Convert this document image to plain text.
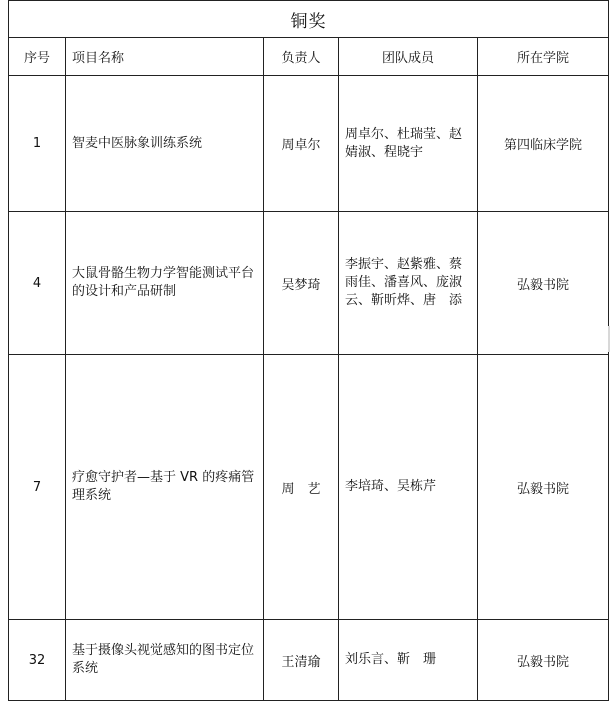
铜奖
序号	项目名称	负责人	团队成员	所在学院
1	智麦中医脉象训练系统	周卓尔	周卓尔、杜瑞莹、赵婧淑、程晓宇	第四临床学院
4	大鼠骨骼生物力学智能测试平台的设计和产品研制	吴梦琦	李振宇、赵紫雅、蔡雨佳、潘喜风、庞淑云、靳昕烨、唐　添	弘毅书院
7	疗愈守护者—基于 VR 的疼痛管理系统	周　艺	李培琦、吴栋芹	弘毅书院
32	基于摄像头视觉感知的图书定位系统	王清瑜	刘乐言、靳　珊	弘毅书院
